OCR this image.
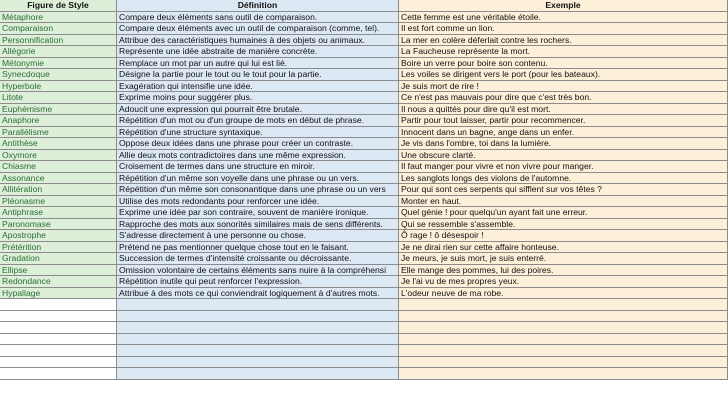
Figure de Style	Définition	Exemple
Métaphore	Compare deux éléments sans outil de comparaison.	Cette femme est une véritable étoile.
Comparaison	Compare deux éléments avec un outil de comparaison (comme, tel).	Il est fort comme un lion.
Personnification	Attribue des caractéristiques humaines à des objets ou animaux.	La mer en colère déferlait contre les rochers.
Allégorie	Représente une idée abstraite de manière concrète.	La Faucheuse représente la mort.
Métonymie	Remplace un mot par un autre qui lui est lié.	Boire un verre pour boire son contenu.
Synecdoque	Désigne la partie pour le tout ou le tout pour la partie.	Les voiles se dirigent vers le port (pour les bateaux).
Hyperbole	Exagération qui intensifie une idée.	Je suis mort de rire !
Litote	Exprime moins pour suggérer plus.	Ce n'est pas mauvais pour dire que c'est très bon.
Euphémisme	Adoucit une expression qui pourrait être brutale.	Il nous a quittés pour dire qu'il est mort.
Anaphore	Répétition d'un mot ou d'un groupe de mots en début de phrase.	Partir pour tout laisser, partir pour recommencer.
Parallélisme	Répétition d'une structure syntaxique.	Innocent dans un bagne, ange dans un enfer.
Antithèse	Oppose deux idées dans une phrase pour créer un contraste.	Je vis dans l'ombre, toi dans la lumière.
Oxymore	Allie deux mots contradictoires dans une même expression.	Une obscure clarté.
Chiasme	Croisement de termes dans une structure en miroir.	Il faut manger pour vivre et non vivre pour manger.
Assonance	Répétition d'un même son voyelle dans une phrase ou un vers.	Les sanglots longs des violons de l'automne.
Allitération	Répétition d'un même son consonantique dans une phrase ou un vers	Pour qui sont ces serpents qui sifflent sur vos têtes ?
Pléonasme	Utilise des mots redondants pour renforcer une idée.	Monter en haut.
Antiphrase	Exprime une idée par son contraire, souvent de manière ironique.	Quel génie ! pour quelqu'un ayant fait une erreur.
Paronomase	Rapproche des mots aux sonorités similaires mais de sens différents.	Qui se ressemble s'assemble.
Apostrophe	S'adresse directement à une personne ou chose.	Ô rage ! ô désespoir !
Prétérition	Prétend ne pas mentionner quelque chose tout en le faisant.	Je ne dirai rien sur cette affaire honteuse.
Gradation	Succession de termes d'intensité croissante ou décroissante.	Je meurs, je suis mort, je suis enterré.
Ellipse	Omission volontaire de certains éléments sans nuire à la compréhensi	Elle mange des pommes, lui des poires.
Redondance	Répétition inutile qui peut renforcer l'expression.	Je l'ai vu de mes propres yeux.
Hypallage	Attribue à des mots ce qui conviendrait logiquement à d'autres mots.	L'odeur neuve de ma robe.
